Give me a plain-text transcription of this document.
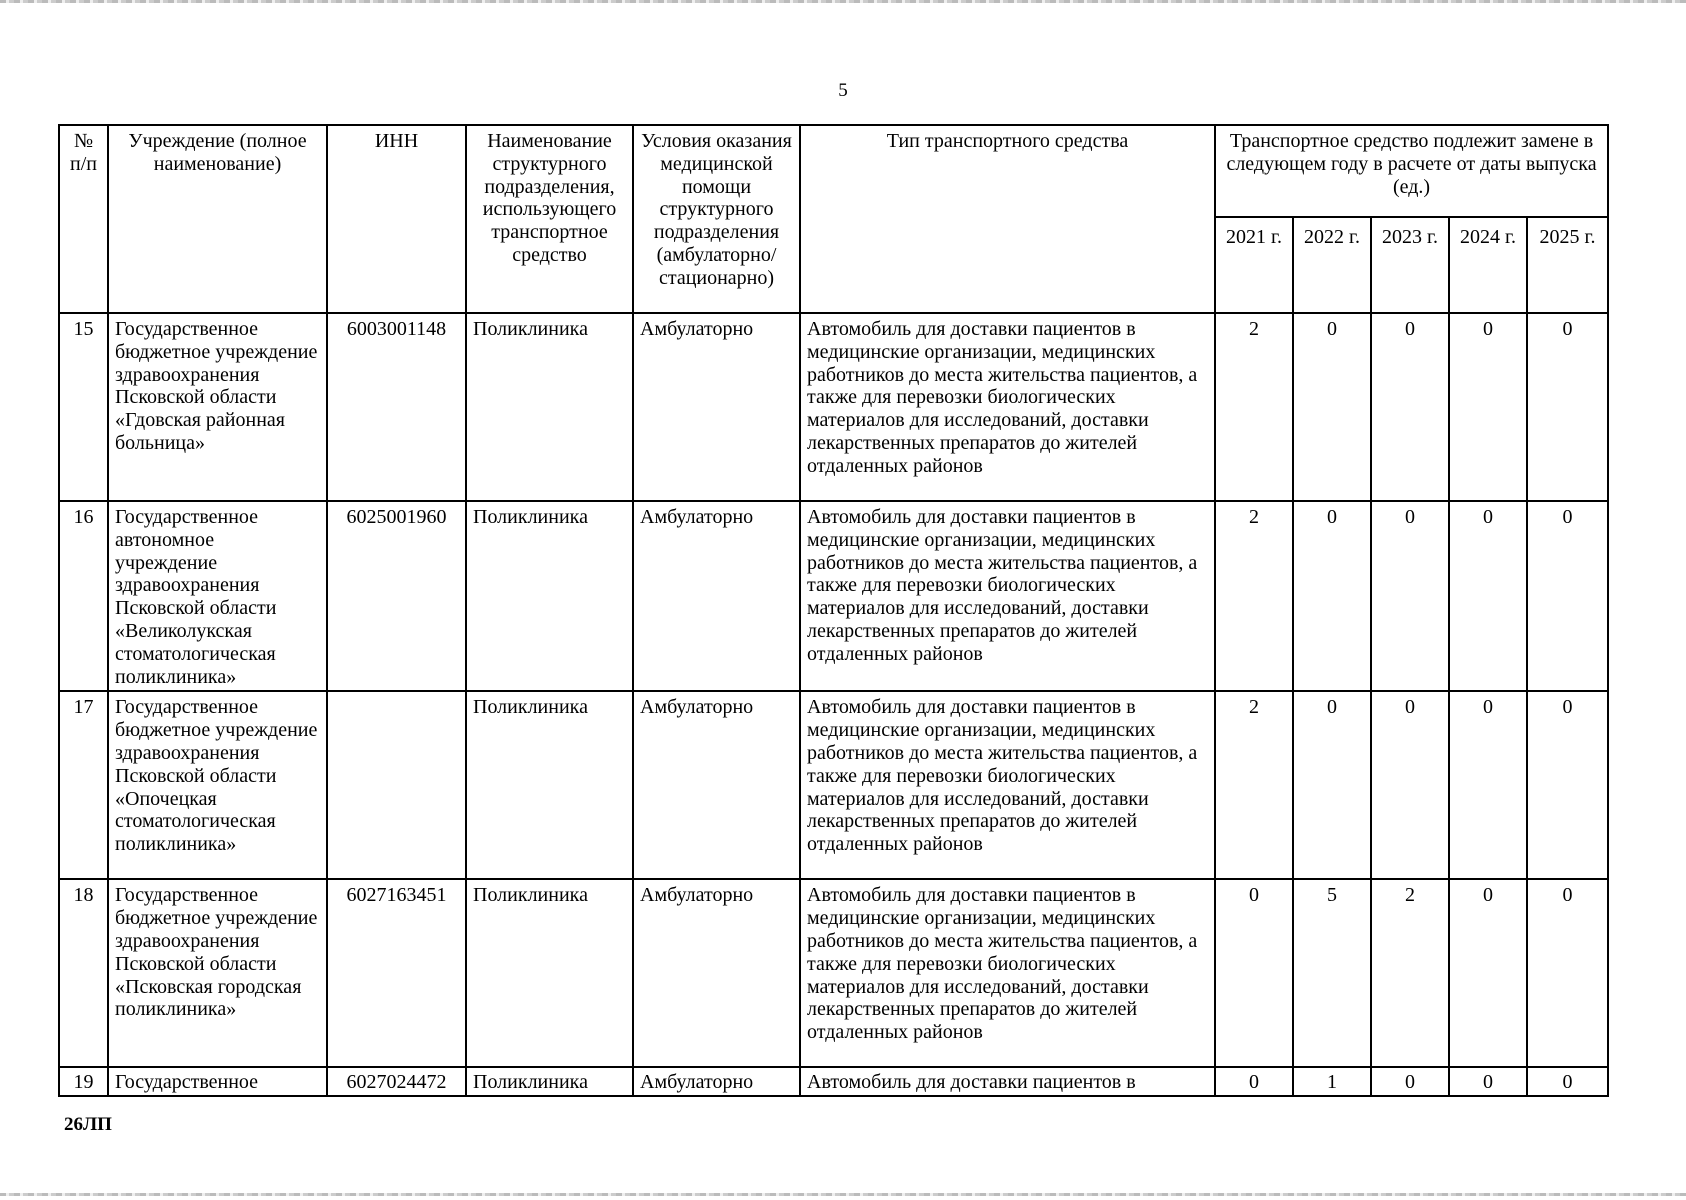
5
№ п/п	Учреждение (полное наименование)	ИНН	Наименование структурного подразделения, использующего транспортное средство	Условия оказания медицинской помощи структурного подразделения (амбулаторно/ стационарно)	Тип транспортного средства	Транспортное средство подлежит замене в следующем году в расчете от даты выпуска (ед.)				
						2021 г.	2022 г.	2023 г.	2024 г.	2025 г.
15	Государственное бюджетное учреждение здравоохранения Псковской области «Гдовская районная больница»	6003001148	Поликлиника	Амбулаторно	Автомобиль для доставки пациентов в медицинские организации, медицинских работников до места жительства пациентов, а также для перевозки биологических материалов для исследований, доставки лекарственных препаратов до жителей отдаленных районов	2	0	0	0	0
16	Государственное автономное учреждение здравоохранения Псковской области «Великолукская стоматологическая поликлиника»	6025001960	Поликлиника	Амбулаторно	Автомобиль для доставки пациентов в медицинские организации, медицинских работников до места жительства пациентов, а также для перевозки биологических материалов для исследований, доставки лекарственных препаратов до жителей отдаленных районов	2	0	0	0	0
17	Государственное бюджетное учреждение здравоохранения Псковской области «Опочецкая стоматологическая поликлиника»		Поликлиника	Амбулаторно	Автомобиль для доставки пациентов в медицинские организации, медицинских работников до места жительства пациентов, а также для перевозки биологических материалов для исследований, доставки лекарственных препаратов до жителей отдаленных районов	2	0	0	0	0
18	Государственное бюджетное учреждение здравоохранения Псковской области «Псковская городская поликлиника»	6027163451	Поликлиника	Амбулаторно	Автомобиль для доставки пациентов в медицинские организации, медицинских работников до места жительства пациентов, а также для перевозки биологических материалов для исследований, доставки лекарственных препаратов до жителей отдаленных районов	0	5	2	0	0
19	Государственное	6027024472	Поликлиника	Амбулаторно	Автомобиль для доставки пациентов в	0	1	0	0	0
26ЛП
